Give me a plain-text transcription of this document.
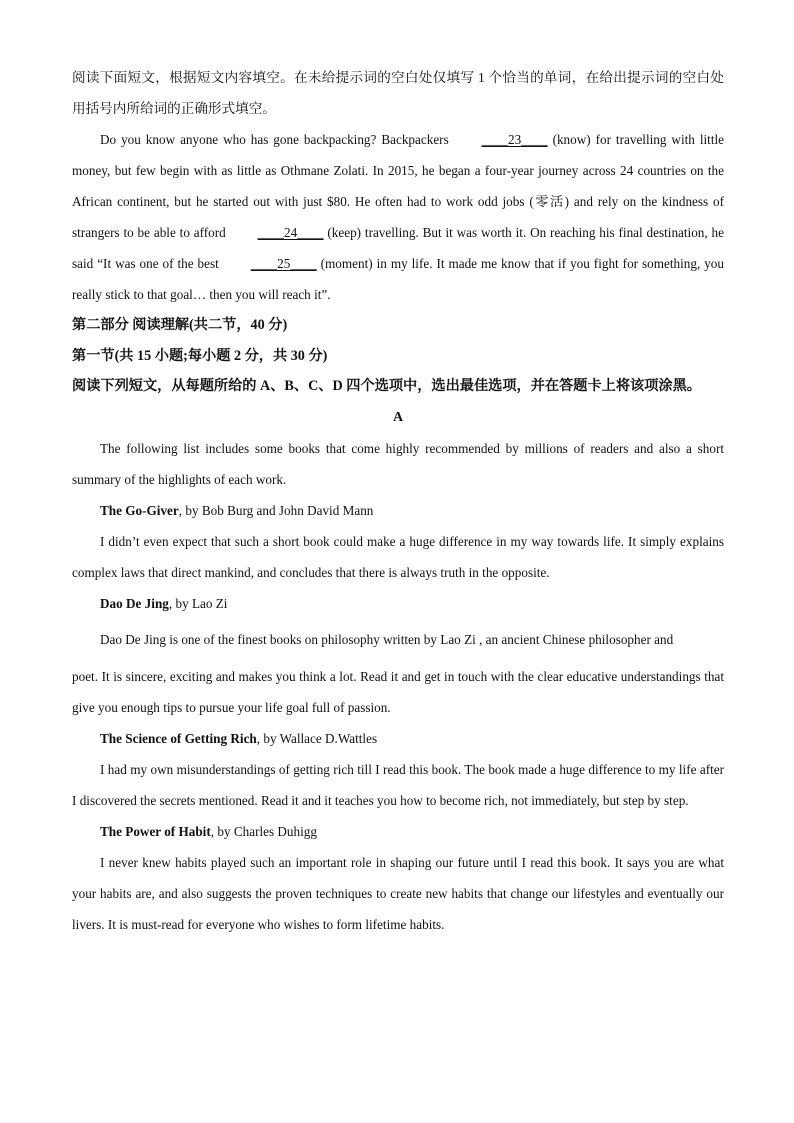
阅读下面短文，根据短文内容填空。在未给提示词的空白处仅填写 1 个恰当的单词，在给出提示词的空白处用括号内所给词的正确形式填空。

Do you know anyone who has gone backpacking? Backpackers ____23____ (know) for travelling with little money, but few begin with as little as Othmane Zolati. In 2015, he began a four-year journey across 24 countries on the African continent, but he started out with just $80. He often had to work odd jobs (零活) and rely on the kindness of strangers to be able to afford ____24____ (keep) travelling. But it was worth it. On reaching his final destination, he said “It was one of the best ____25____ (moment) in my life. It made me know that if you fight for something, you really stick to that goal… then you will reach it”.

第二部分 阅读理解(共二节，40 分)

第一节(共 15 小题;每小题 2 分，共 30 分)

阅读下列短文，从每题所给的 A、B、C、D 四个选项中，选出最佳选项，并在答题卡上将该项涂黑。

A

The following list includes some books that come highly recommended by millions of readers and also a short summary of the highlights of each work.

The Go-Giver, by Bob Burg and John David Mann

I didn’t even expect that such a short book could make a huge difference in my way towards life. It simply explains complex laws that direct mankind, and concludes that there is always truth in the opposite.

Dao De Jing, by Lao Zi

Dao De Jing is one of the finest books on philosophy written by Lao Zi , an ancient Chinese philosopher and

poet. It is sincere, exciting and makes you think a lot. Read it and get in touch with the clear educative understandings that give you enough tips to pursue your life goal full of passion.

The Science of Getting Rich, by Wallace D.Wattles

I had my own misunderstandings of getting rich till I read this book. The book made a huge difference to my life after I discovered the secrets mentioned. Read it and it teaches you how to become rich, not immediately, but step by step.

The Power of Habit, by Charles Duhigg

I never knew habits played such an important role in shaping our future until I read this book. It says you are what your habits are, and also suggests the proven techniques to create new habits that change our lifestyles and eventually our livers. It is must-read for everyone who wishes to form lifetime habits.
